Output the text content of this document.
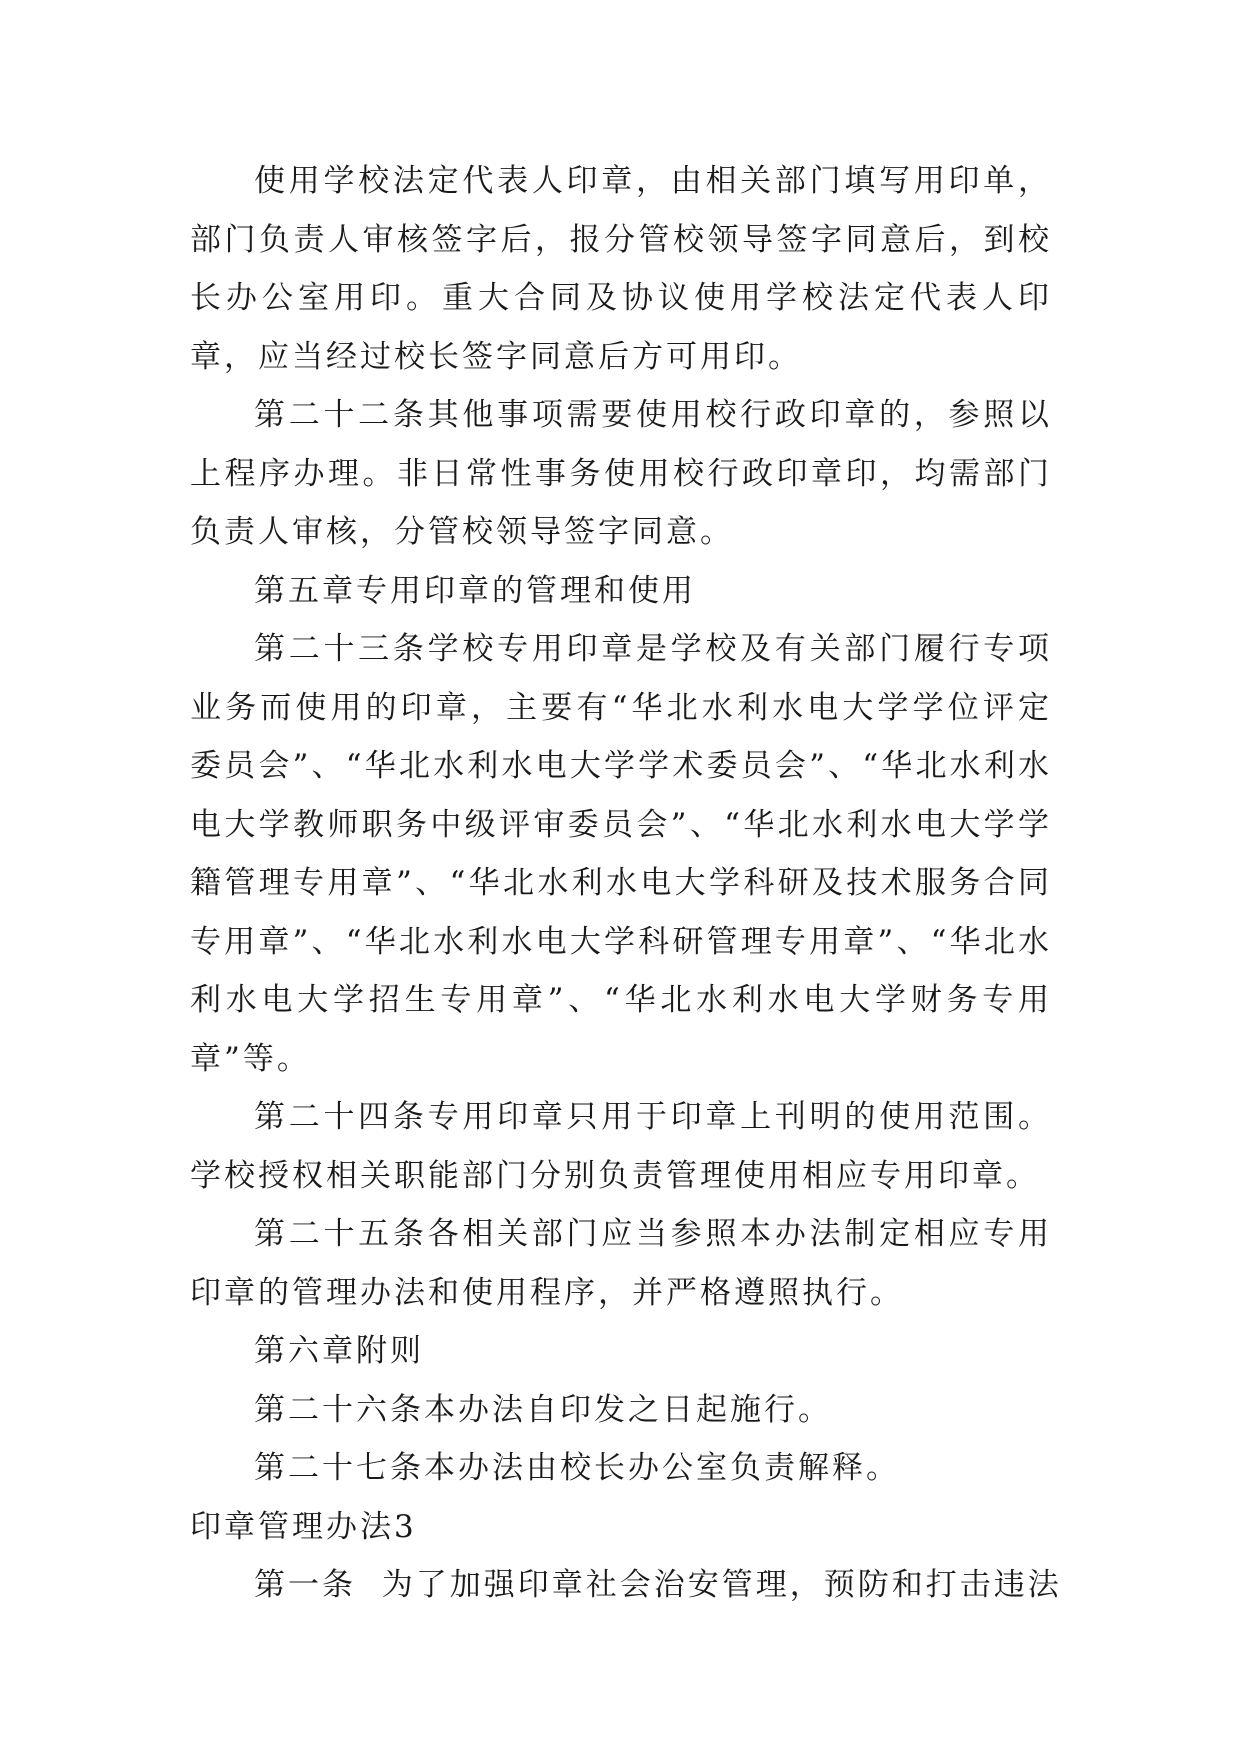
使用学校法定代表人印章，由相关部门填写用印单，部门负责人审核签字后，报分管校领导签字同意后，到校长办公室用印。重大合同及协议使用学校法定代表人印章，应当经过校长签字同意后方可用印。

第二十二条其他事项需要使用校行政印章的，参照以上程序办理。非日常性事务使用校行政印章印，均需部门负责人审核，分管校领导签字同意。

第五章专用印章的管理和使用

第二十三条学校专用印章是学校及有关部门履行专项业务而使用的印章，主要有“华北水利水电大学学位评定委员会”、“华北水利水电大学学术委员会”、“华北水利水电大学教师职务中级评审委员会”、“华北水利水电大学学籍管理专用章”、“华北水利水电大学科研及技术服务合同专用章”、“华北水利水电大学科研管理专用章”、“华北水利水电大学招生专用章”、“华北水利水电大学财务专用章”等。

第二十四条专用印章只用于印章上刊明的使用范围。学校授权相关职能部门分别负责管理使用相应专用印章。

第二十五条各相关部门应当参照本办法制定相应专用印章的管理办法和使用程序，并严格遵照执行。

第六章附则

第二十六条本办法自印发之日起施行。

第二十七条本办法由校长办公室负责解释。

印章管理办法3

第一条  为了加强印章社会治安管理，预防和打击违法
